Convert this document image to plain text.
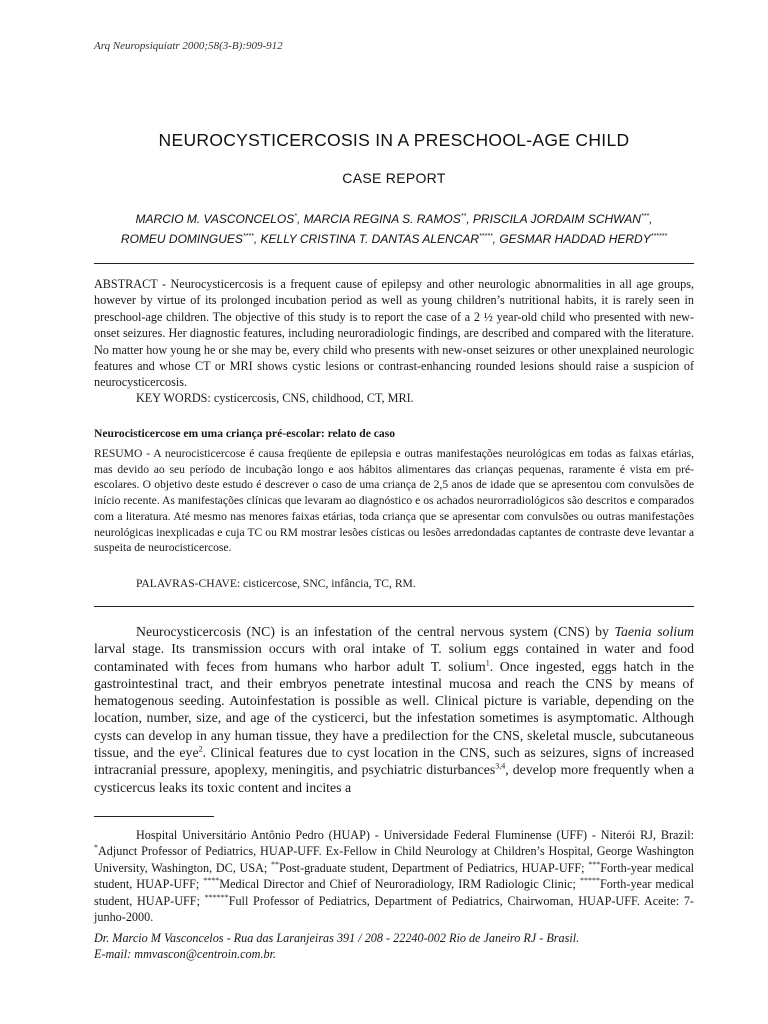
Arq Neuropsiquiatr 2000;58(3-B):909-912
NEUROCYSTICERCOSIS IN A PRESCHOOL-AGE CHILD
CASE REPORT
MARCIO M. VASCONCELOS*, MARCIA REGINA S. RAMOS**, PRISCILA JORDAIM SCHWAN***,
ROMEU DOMINGUES****, KELLY CRISTINA T. DANTAS ALENCAR*****, GESMAR HADDAD HERDY******

ABSTRACT - Neurocysticercosis is a frequent cause of epilepsy and other neurologic abnormalities in all age groups, however by virtue of its prolonged incubation period as well as young children’s nutritional habits, it is rarely seen in preschool-age children. The objective of this study is to report the case of a 2 ½ year-old child who presented with new-onset seizures. Her diagnostic features, including neuroradiologic findings, are described and compared with the literature. No matter how young he or she may be, every child who presents with new-onset seizures or other unexplained neurologic features and whose CT or MRI shows cystic lesions or contrast-enhancing rounded lesions should raise a suspicion of neurocysticercosis.

KEY WORDS: cysticercosis, CNS, childhood, CT, MRI.
Neurocisticercose em uma criança pré-escolar: relato de caso

RESUMO - A neurocisticercose é causa freqüente de epilepsia e outras manifestações neurológicas em todas as faixas etárias, mas devido ao seu período de incubação longo e aos hábitos alimentares das crianças pequenas, raramente é vista em pré-escolares. O objetivo deste estudo é descrever o caso de uma criança de 2,5 anos de idade que se apresentou com convulsões de início recente. As manifestações clínicas que levaram ao diagnóstico e os achados neurorradiológicos são descritos e comparados com a literatura. Até mesmo nas menores faixas etárias, toda criança que se apresentar com convulsões ou outras manifestações neurológicas inexplicadas e cuja TC ou RM mostrar lesões císticas ou lesões arredondadas captantes de contraste deve levantar a suspeita de neurocisticercose.

PALAVRAS-CHAVE: cisticercose, SNC, infância, TC, RM.

Neurocysticercosis (NC) is an infestation of the central nervous system (CNS) by Taenia solium larval stage. Its transmission occurs with oral intake of T. solium eggs contained in water and food contaminated with feces from humans who harbor adult T. solium$^1$. Once ingested, eggs hatch in the gastrointestinal tract, and their embryos penetrate intestinal mucosa and reach the CNS by means of hematogenous seeding. Autoinfestation is possible as well. Clinical picture is variable, depending on the location, number, size, and age of the cysticerci, but the infestation sometimes is asymptomatic. Although cysts can develop in any human tissue, they have a predilection for the CNS, skeletal muscle, subcutaneous tissue, and the eye$^2$. Clinical features due to cyst location in the CNS, such as seizures, signs of increased intracranial pressure, apoplexy, meningitis, and psychiatric disturbances$^{3,4}$, develop more frequently when a cysticercus leaks its toxic content and incites a

Hospital Universitário Antônio Pedro (HUAP) - Universidade Federal Fluminense (UFF) - Niterói RJ, Brazil: *Adjunct Professor of Pediatrics, HUAP-UFF. Ex-Fellow in Child Neurology at Children’s Hospital, George Washington University, Washington, DC, USA; **Post-graduate student, Department of Pediatrics, HUAP-UFF; ***Forth-year medical student, HUAP-UFF; ****Medical Director and Chief of Neuroradiology, IRM Radiologic Clinic; *****Forth-year medical student, HUAP-UFF; ******Full Professor of Pediatrics, Department of Pediatrics, Chairwoman, HUAP-UFF. Aceite: 7-junho-2000.

Dr. Marcio M Vasconcelos - Rua das Laranjeiras 391 / 208 - 22240-002 Rio de Janeiro RJ - Brasil.

E-mail: mmvascon@centroin.com.br.
